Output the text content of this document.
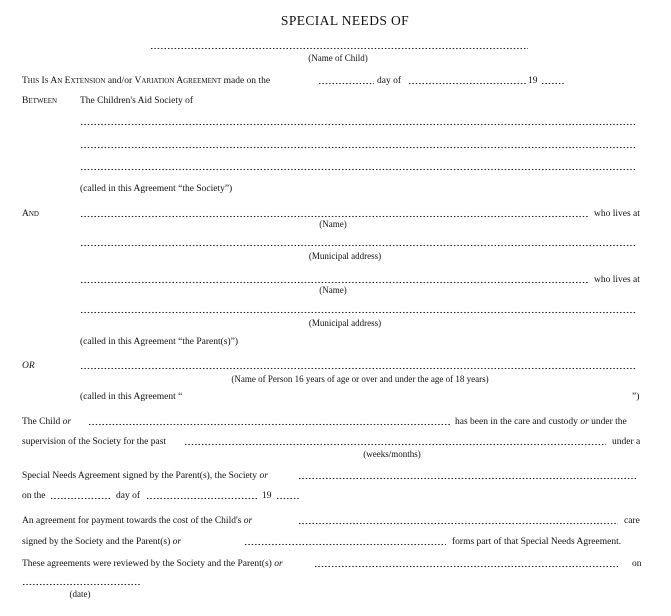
SPECIAL NEEDS OF
(Name of Child)
This Is An Extension and/or Variation Agreement made on the	day of	19
Between The Children's Aid Society of
(called in this Agreement “the Society”)
And	who lives at
(Name)
(Municipal address)
who lives at
(Name)
(Municipal address)
(called in this Agreement “the Parent(s)”)
OR
(Name of Person 16 years of age or over and under the age of 18 years)
(called in this Agreement “	”)
The Child or	has been in the care and custody or under the
supervision of the Society for the past	under a
(weeks/months)
Special Needs Agreement signed by the Parent(s), the Society or
on the	day of	19
An agreement for payment towards the cost of the Child's or	care
signed by the Society and the Parent(s) or	forms part of that Special Needs Agreement.
These agreements were reviewed by the Society and the Parent(s) or	on
(date)
